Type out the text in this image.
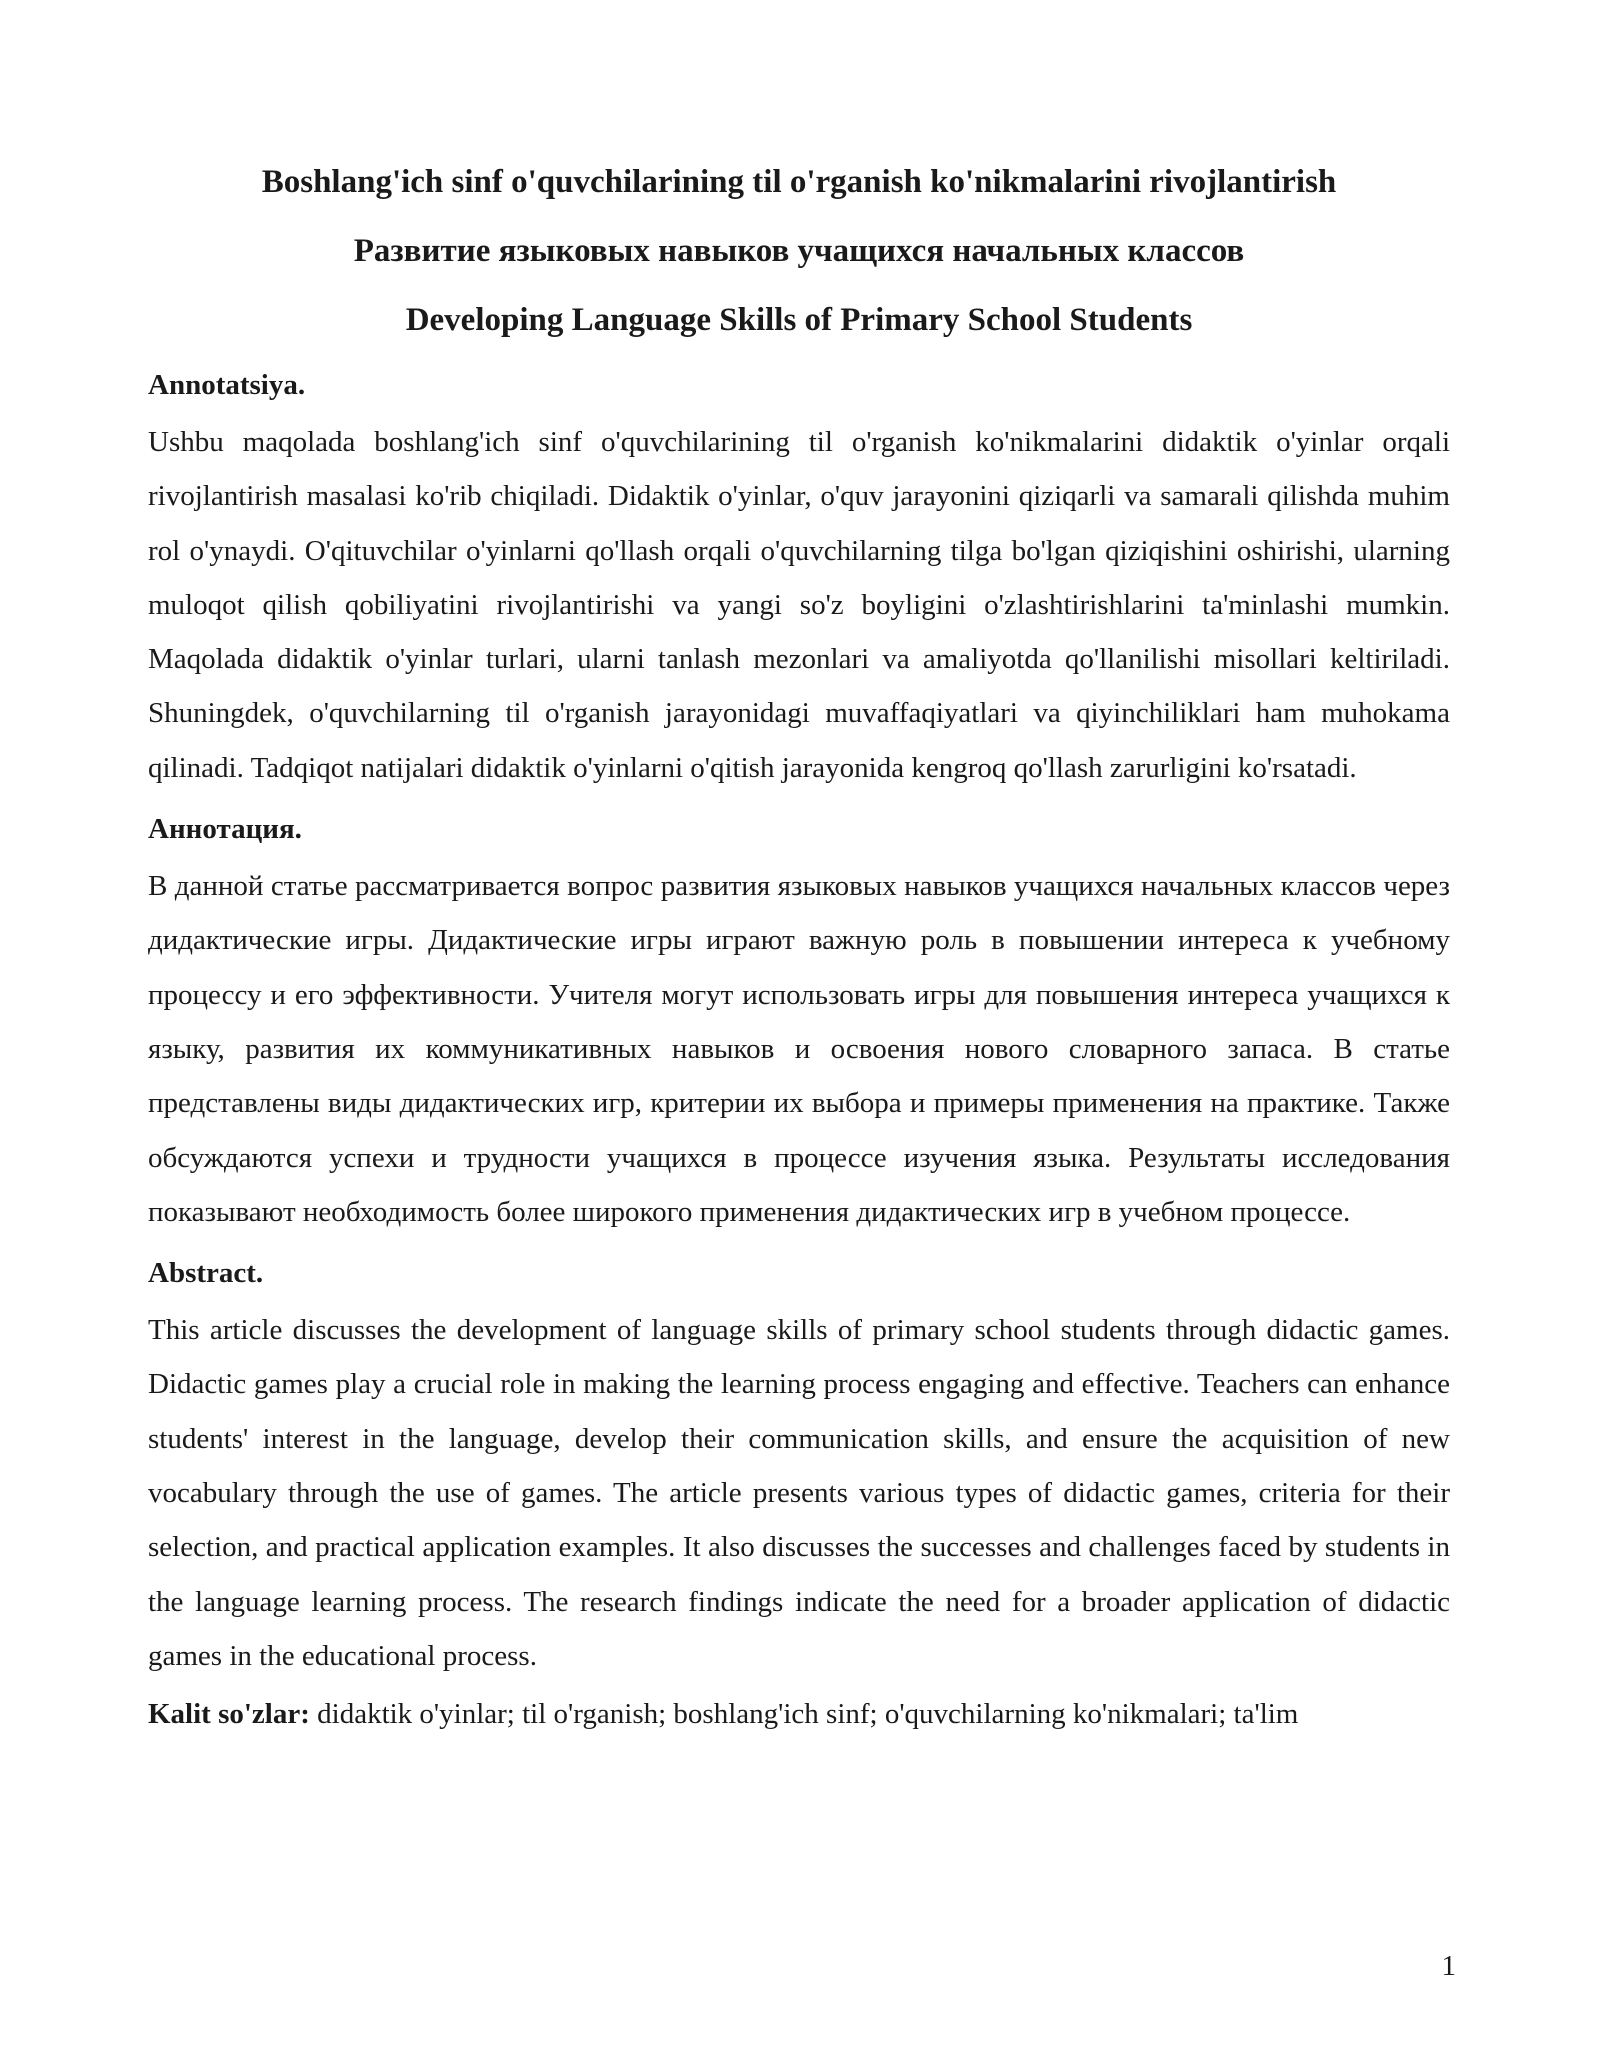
Boshlang'ich sinf o'quvchilarining til o'rganish ko'nikmalarini rivojlantirish
Развитие языковых навыков учащихся начальных классов
Developing Language Skills of Primary School Students

Annotatsiya.

Ushbu maqolada boshlang'ich sinf o'quvchilarining til o'rganish ko'nikmalarini didaktik o'yinlar orqali rivojlantirish masalasi ko'rib chiqiladi. Didaktik o'yinlar, o'quv jarayonini qiziqarli va samarali qilishda muhim rol o'ynaydi. O'qituvchilar o'yinlarni qo'llash orqali o'quvchilarning tilga bo'lgan qiziqishini oshirishi, ularning muloqot qilish qobiliyatini rivojlantirishi va yangi so'z boyligini o'zlashtirishlarini ta'minlashi mumkin. Maqolada didaktik o'yinlar turlari, ularni tanlash mezonlari va amaliyotda qo'llanilishi misollari keltiriladi. Shuningdek, o'quvchilarning til o'rganish jarayonidagi muvaffaqiyatlari va qiyinchiliklari ham muhokama qilinadi. Tadqiqot natijalari didaktik o'yinlarni o'qitish jarayonida kengroq qo'llash zarurligini ko'rsatadi.

Аннотация.

В данной статье рассматривается вопрос развития языковых навыков учащихся начальных классов через дидактические игры. Дидактические игры играют важную роль в повышении интереса к учебному процессу и его эффективности. Учителя могут использовать игры для повышения интереса учащихся к языку, развития их коммуникативных навыков и освоения нового словарного запаса. В статье представлены виды дидактических игр, критерии их выбора и примеры применения на практике. Также обсуждаются успехи и трудности учащихся в процессе изучения языка. Результаты исследования показывают необходимость более широкого применения дидактических игр в учебном процессе.

Abstract.

This article discusses the development of language skills of primary school students through didactic games. Didactic games play a crucial role in making the learning process engaging and effective. Teachers can enhance students' interest in the language, develop their communication skills, and ensure the acquisition of new vocabulary through the use of games. The article presents various types of didactic games, criteria for their selection, and practical application examples. It also discusses the successes and challenges faced by students in the language learning process. The research findings indicate the need for a broader application of didactic games in the educational process.

Kalit so'zlar: didaktik o'yinlar; til o'rganish; boshlang'ich sinf; o'quvchilarning ko'nikmalari; ta'lim

1
